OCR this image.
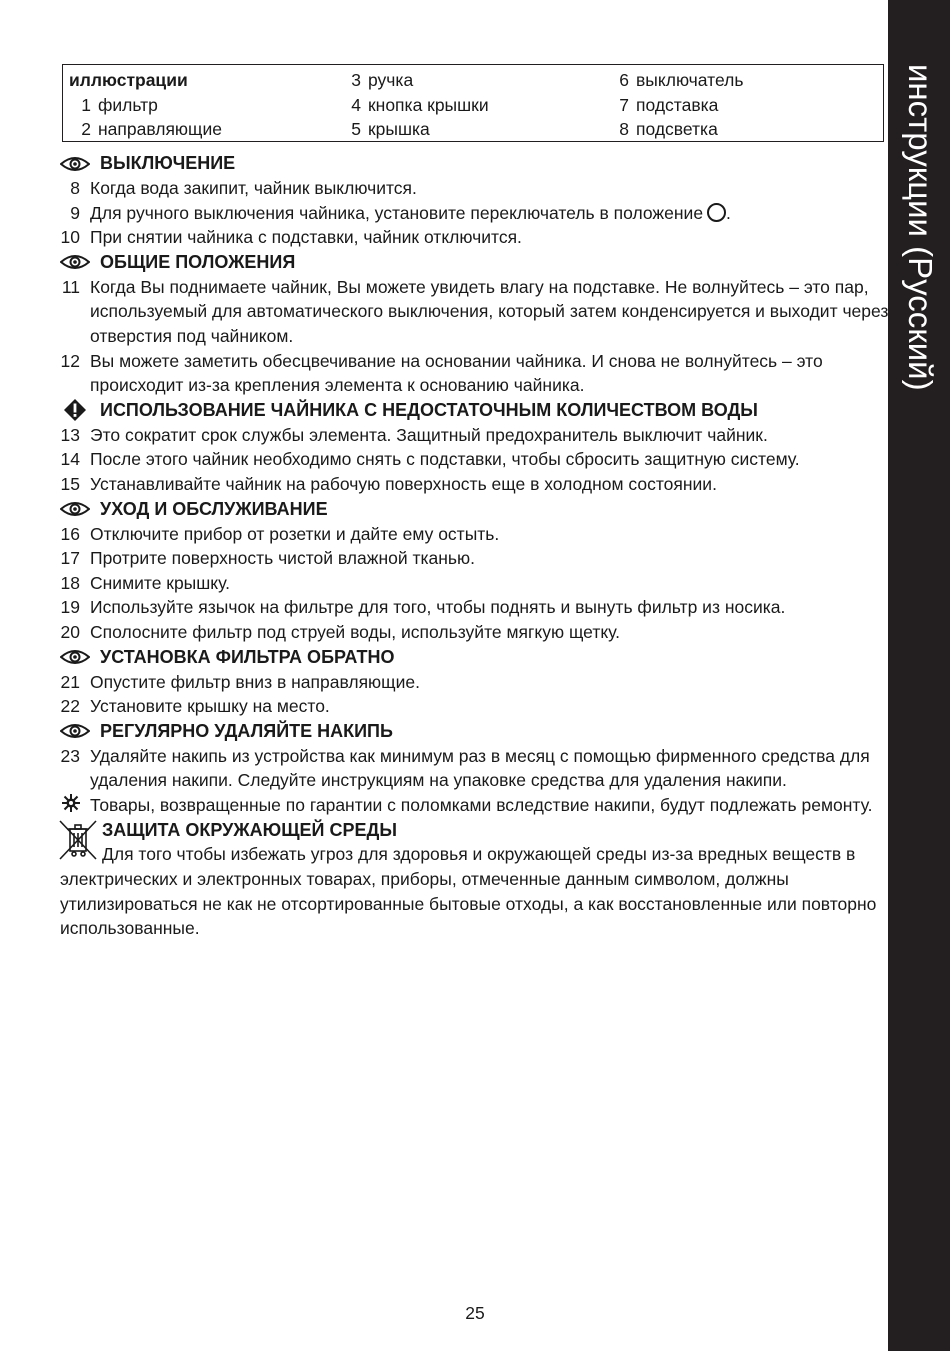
инструкции (Русский)
иллюстрации
1 фильтр
2 направляющие
3 ручка
4 кнопка крышки
5 крышка
6 выключатель
7 подставка
8 подсветка
ВЫКЛЮЧЕНИЕ
8 Когда вода закипит, чайник выключится.
9 Для ручного выключения чайника, установите переключатель в положение .
10 При снятии чайника с подставки, чайник отключится.
ОБЩИЕ ПОЛОЖЕНИЯ
11 Когда Вы поднимаете чайник, Вы можете увидеть влагу на подставке. Не волнуйтесь – это пар, используемый для автоматического выключения, который затем конденсируется и выходит через отверстия под чайником.
12 Вы можете заметить обесцвечивание на основании чайника. И снова не волнуйтесь – это происходит из-за крепления элемента к основанию чайника.
ИСПОЛЬЗОВАНИЕ ЧАЙНИКА С НЕДОСТАТОЧНЫМ КОЛИЧЕСТВОМ ВОДЫ
13 Это сократит срок службы элемента. Защитный предохранитель выключит чайник.
14 После этого чайник необходимо снять с подставки, чтобы сбросить защитную систему.
15 Устанавливайте чайник на рабочую поверхность еще в холодном состоянии.
УХОД И ОБСЛУЖИВАНИЕ
16 Отключите прибор от розетки и дайте ему остыть.
17 Протрите поверхность чистой влажной тканью.
18 Снимите крышку.
19 Используйте язычок на фильтре для того, чтобы поднять и вынуть фильтр из носика.
20 Сполосните фильтр под струей воды, используйте мягкую щетку.
УСТАНОВКА ФИЛЬТРА ОБРАТНО
21 Опустите фильтр вниз в направляющие.
22 Установите крышку на место.
РЕГУЛЯРНО УДАЛЯЙТЕ НАКИПЬ
23 Удаляйте накипь из устройства как минимум раз в месяц с помощью фирменного средства для удаления накипи. Следуйте инструкциям на упаковке средства для удаления накипи.
Товары, возвращенные по гарантии с поломками вследствие накипи, будут подлежать ремонту.
ЗАЩИТА ОКРУЖАЮЩЕЙ СРЕДЫ
Для того чтобы избежать угроз для здоровья и окружающей среды из-за вредных веществ в электрических и электронных товарах, приборы, отмеченные данным символом, должны утилизироваться не как не отсортированные бытовые отходы, а как восстановленные или повторно использованные.
25
